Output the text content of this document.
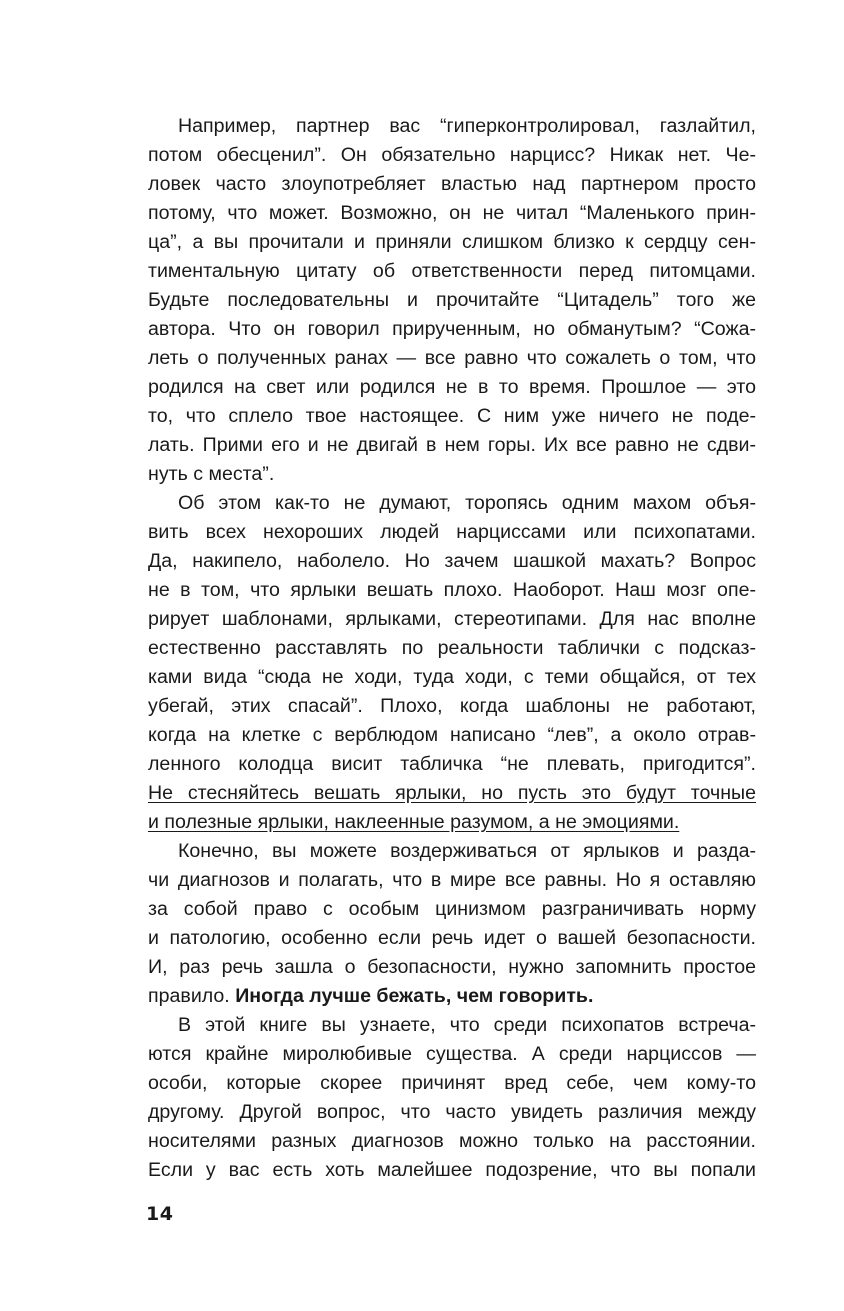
Например, партнер вас “гиперконтролировал, газлайтил,
потом обесценил”. Он обязательно нарцисс? Никак нет. Че-
ловек часто злоупотребляет властью над партнером просто
потому, что может. Возможно, он не читал “Маленького прин-
ца”, а вы прочитали и приняли слишком близко к сердцу сен-
тиментальную цитату об ответственности перед питомцами.
Будьте последовательны и прочитайте “Цитадель” того же
автора. Что он говорил прирученным, но обманутым? “Сожа-
леть о полученных ранах — все равно что сожалеть о том, что
родился на свет или родился не в то время. Прошлое — это
то, что сплело твое настоящее. С ним уже ничего не поде-
лать. Прими его и не двигай в нем горы. Их все равно не сдви-
нуть с места”.
Об этом как-то не думают, торопясь одним махом объя-
вить всех нехороших людей нарциссами или психопатами.
Да, накипело, наболело. Но зачем шашкой махать? Вопрос
не в том, что ярлыки вешать плохо. Наоборот. Наш мозг опе-
рирует шаблонами, ярлыками, стереотипами. Для нас вполне
естественно расставлять по реальности таблички с подсказ-
ками вида “сюда не ходи, туда ходи, с теми общайся, от тех
убегай, этих спасай”. Плохо, когда шаблоны не работают,
когда на клетке с верблюдом написано “лев”, а около отрав-
ленного колодца висит табличка “не плевать, пригодится”.
Не стесняйтесь вешать ярлыки, но пусть это будут точные
и полезные ярлыки, наклеенные разумом, а не эмоциями.
Конечно, вы можете воздерживаться от ярлыков и разда-
чи диагнозов и полагать, что в мире все равны. Но я оставляю
за собой право с особым цинизмом разграничивать норму
и патологию, особенно если речь идет о вашей безопасности.
И, раз речь зашла о безопасности, нужно запомнить простое
правило. Иногда лучше бежать, чем говорить.
В этой книге вы узнаете, что среди психопатов встреча-
ются крайне миролюбивые существа. А среди нарциссов —
особи, которые скорее причинят вред себе, чем кому-то
другому. Другой вопрос, что часто увидеть различия между
носителями разных диагнозов можно только на расстоянии.
Если у вас есть хоть малейшее подозрение, что вы попали
14
